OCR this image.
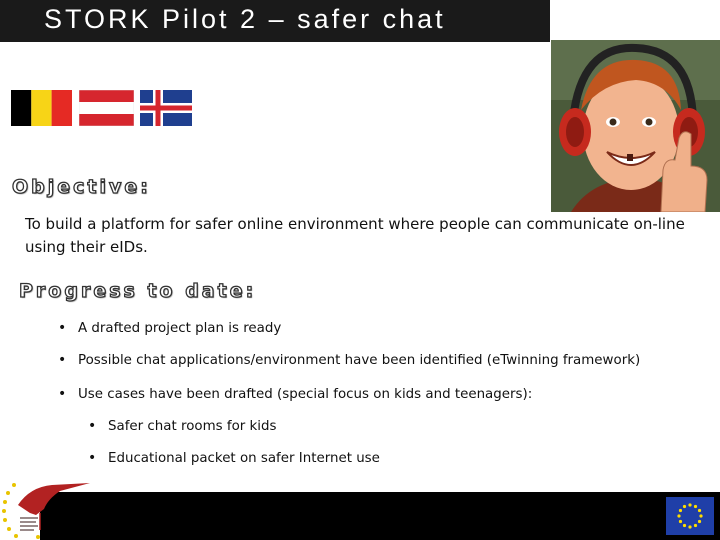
STORK Pilot 2 – safer chat
Objective:
To build a platform for safer online environment where people can communicate on-line using their eIDs.
Progress to date:
• A drafted project plan is ready
• Possible chat applications/environment have been identified (eTwinning framework)
• Use cases have been drafted (special focus on kids and teenagers):
• Safer chat rooms for kids
• Educational packet on safer Internet use
